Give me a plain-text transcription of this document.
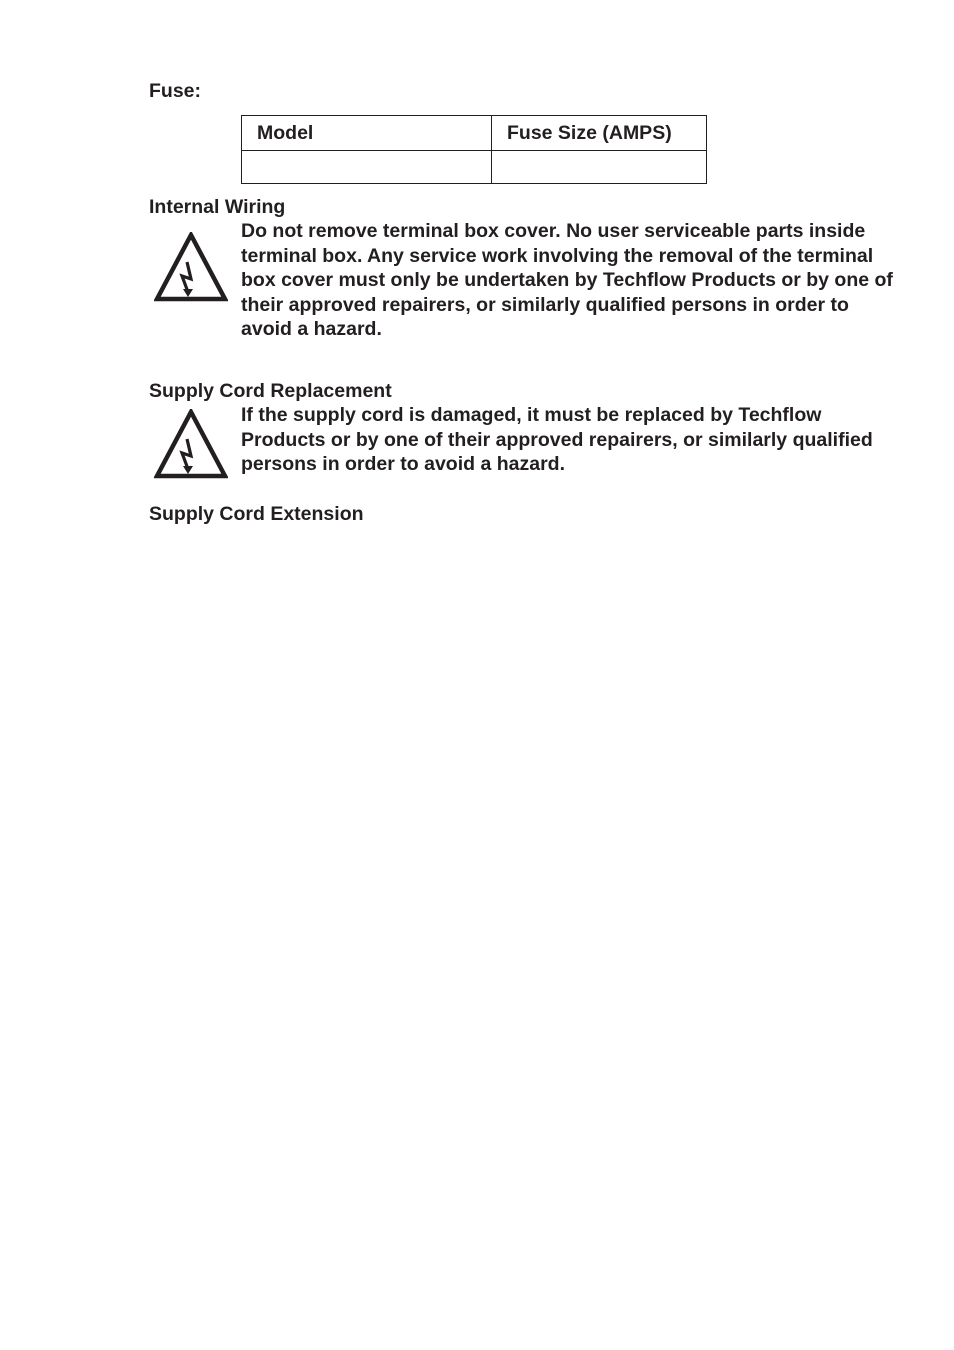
Fuse:
Model	Fuse Size (AMPS)

Internal Wiring

Do not remove terminal box cover. No user serviceable parts inside terminal box. Any service work involving the removal of the terminal box cover must only be undertaken by Techflow Products or by one of their approved repairers, or similarly qualified persons in order to avoid a hazard.

Supply Cord Replacement

If the supply cord is damaged, it must be replaced by Techflow Products or by one of their approved repairers, or similarly qualified persons in order to avoid a hazard.

Supply Cord Extension
